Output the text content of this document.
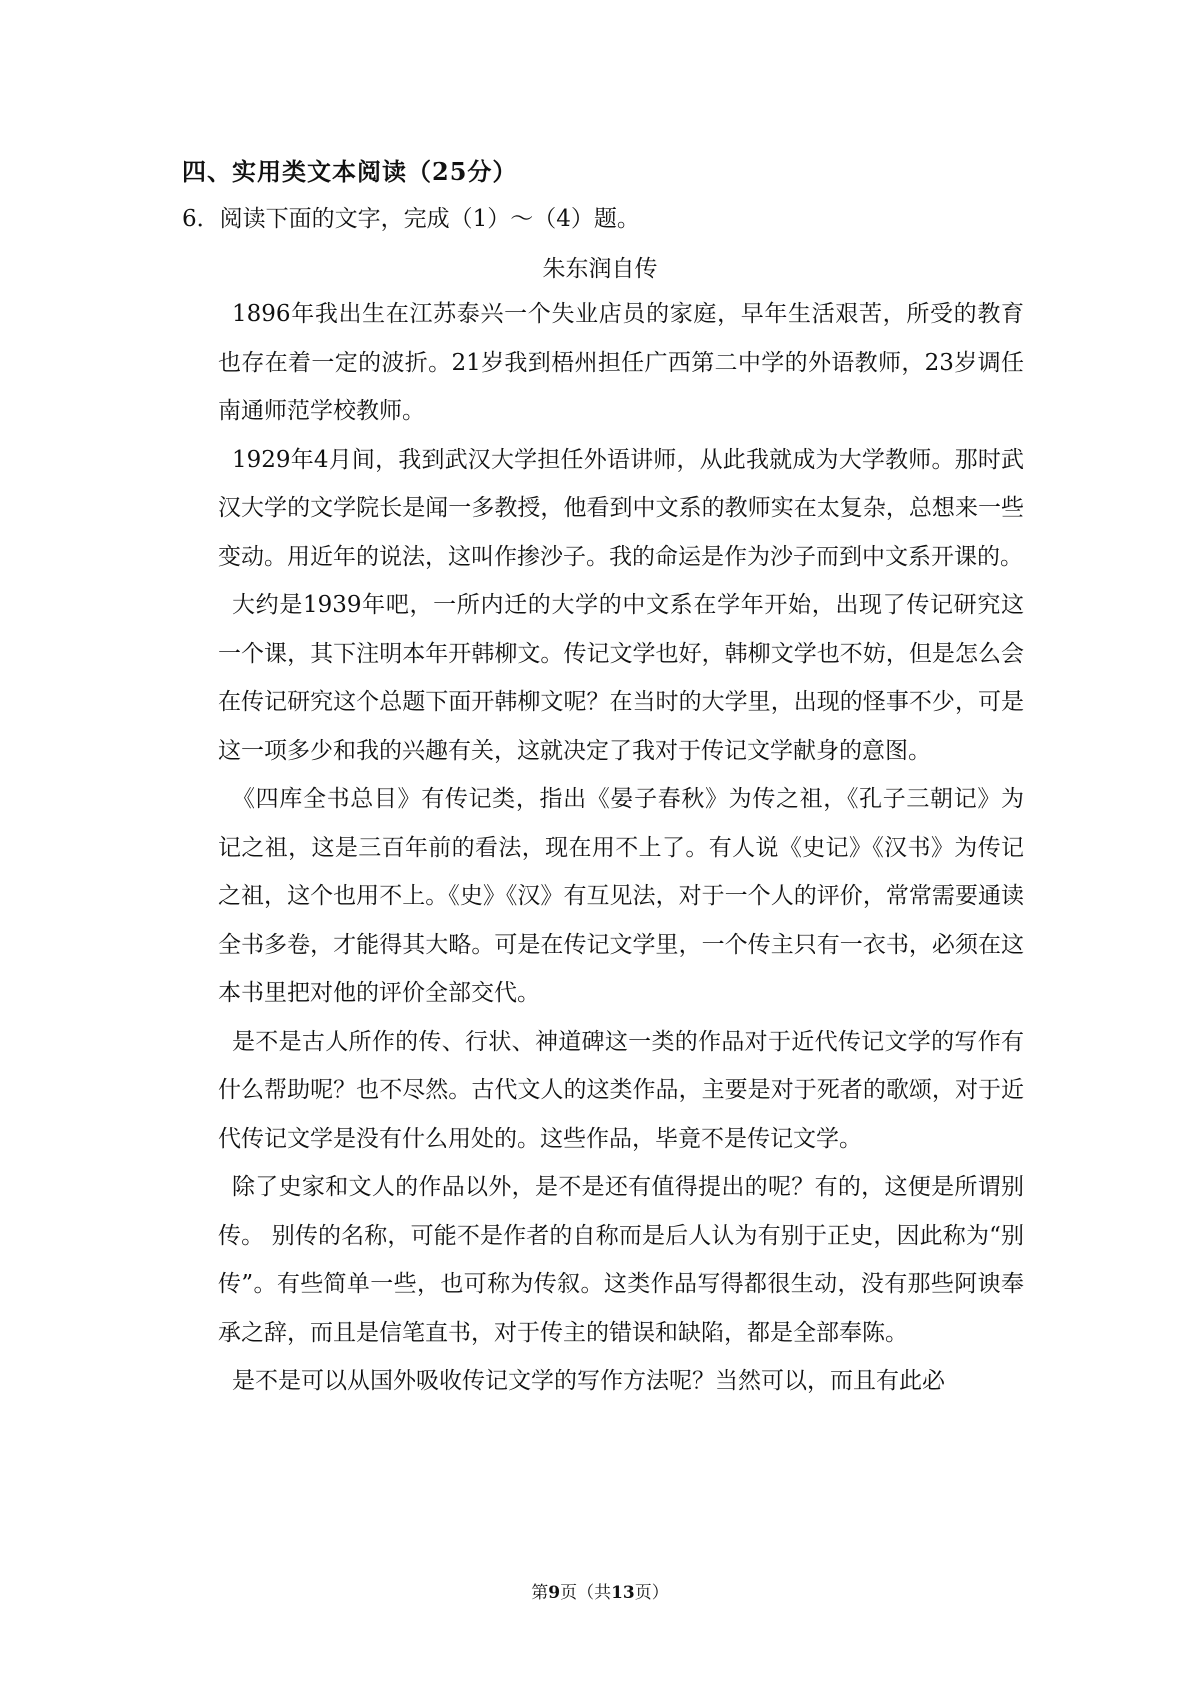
四、实用类文本阅读（25分）
6．阅读下面的文字，完成（1）～（4）题。
朱东润自传

1896年我出生在江苏泰兴一个失业店员的家庭，早年生活艰苦，所受的教育也存在着一定的波折。21岁我到梧州担任广西第二中学的外语教师，23岁调任南通师范学校教师。

1929年4月间，我到武汉大学担任外语讲师，从此我就成为大学教师。那时武汉大学的文学院长是闻一多教授，他看到中文系的教师实在太复杂，总想来一些变动。用近年的说法，这叫作掺沙子。我的命运是作为沙子而到中文系开课的。

大约是1939年吧，一所内迁的大学的中文系在学年开始，出现了传记研究这一个课，其下注明本年开韩柳文。传记文学也好，韩柳文学也不妨，但是怎么会在传记研究这个总题下面开韩柳文呢？在当时的大学里，出现的怪事不少，可是这一项多少和我的兴趣有关，这就决定了我对于传记文学献身的意图。

《四库全书总目》有传记类，指出《晏子春秋》为传之祖，《孔子三朝记》为记之祖，这是三百年前的看法，现在用不上了。有人说《史记》《汉书》为传记之祖，这个也用不上。《史》《汉》有互见法，对于一个人的评价，常常需要通读全书多卷，才能得其大略。可是在传记文学里，一个传主只有一衣书，必须在这本书里把对他的评价全部交代。

是不是古人所作的传、行状、神道碑这一类的作品对于近代传记文学的写作有什么帮助呢？也不尽然。古代文人的这类作品，主要是对于死者的歌颂，对于近代传记文学是没有什么用处的。这些作品，毕竟不是传记文学。

除了史家和文人的作品以外，是不是还有值得提出的呢？有的，这便是所谓别传。 别传的名称，可能不是作者的自称而是后人认为有别于正史，因此称为“别传”。有些简单一些，也可称为传叙。这类作品写得都很生动，没有那些阿谀奉承之辞，而且是信笔直书，对于传主的错误和缺陷，都是全部奉陈。

是不是可以从国外吸收传记文学的写作方法呢？当然可以，而且有此必

第9页（共13页）
